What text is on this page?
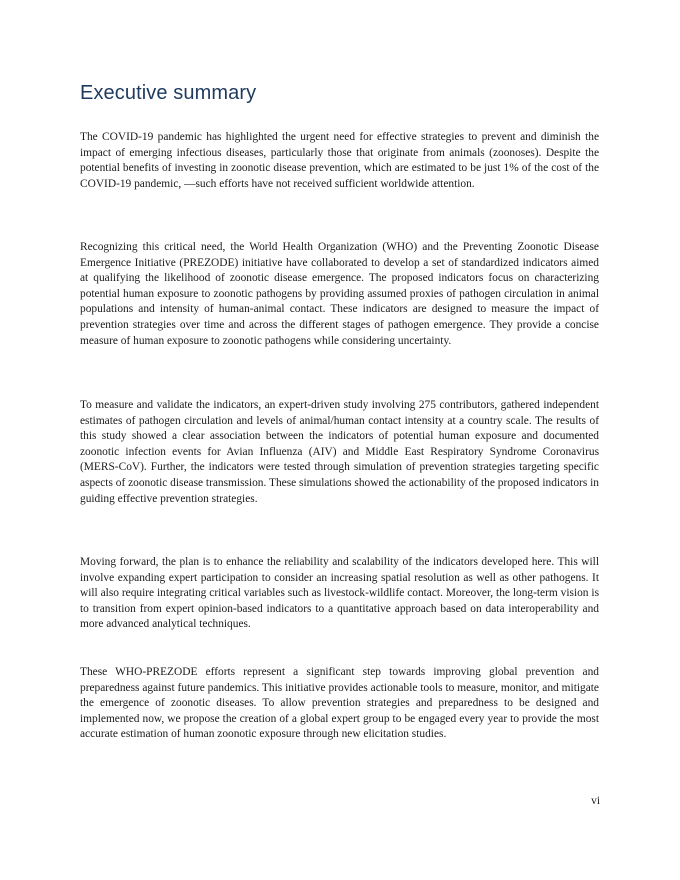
Executive summary

The COVID-19 pandemic has highlighted the urgent need for effective strategies to prevent and diminish the impact of emerging infectious diseases, particularly those that originate from animals (zoonoses). Despite the potential benefits of investing in zoonotic disease prevention, which are estimated to be just 1% of the cost of the COVID-19 pandemic, —such efforts have not received sufficient worldwide attention.

Recognizing this critical need, the World Health Organization (WHO) and the Preventing Zoonotic Disease Emergence Initiative (PREZODE) initiative have collaborated to develop a set of standardized indicators aimed at qualifying the likelihood of zoonotic disease emergence. The proposed indicators focus on characterizing potential human exposure to zoonotic pathogens by providing assumed proxies of pathogen circulation in animal populations and intensity of human-animal contact. These indicators are designed to measure the impact of prevention strategies over time and across the different stages of pathogen emergence. They provide a concise measure of human exposure to zoonotic pathogens while considering uncertainty.

To measure and validate the indicators, an expert-driven study involving 275 contributors, gathered independent estimates of pathogen circulation and levels of animal/human contact intensity at a country scale. The results of this study showed a clear association between the indicators of potential human exposure and documented zoonotic infection events for Avian Influenza (AIV) and Middle East Respiratory Syndrome Coronavirus (MERS-CoV). Further, the indicators were tested through simulation of prevention strategies targeting specific aspects of zoonotic disease transmission. These simulations showed the actionability of the proposed indicators in guiding effective prevention strategies.

Moving forward, the plan is to enhance the reliability and scalability of the indicators developed here. This will involve expanding expert participation to consider an increasing spatial resolution as well as other pathogens. It will also require integrating critical variables such as livestock-wildlife contact. Moreover, the long-term vision is to transition from expert opinion-based indicators to a quantitative approach based on data interoperability and more advanced analytical techniques.

These WHO-PREZODE efforts represent a significant step towards improving global prevention and preparedness against future pandemics. This initiative provides actionable tools to measure, monitor, and mitigate the emergence of zoonotic diseases. To allow prevention strategies and preparedness to be designed and implemented now, we propose the creation of a global expert group to be engaged every year to provide the most accurate estimation of human zoonotic exposure through new elicitation studies.

vi
